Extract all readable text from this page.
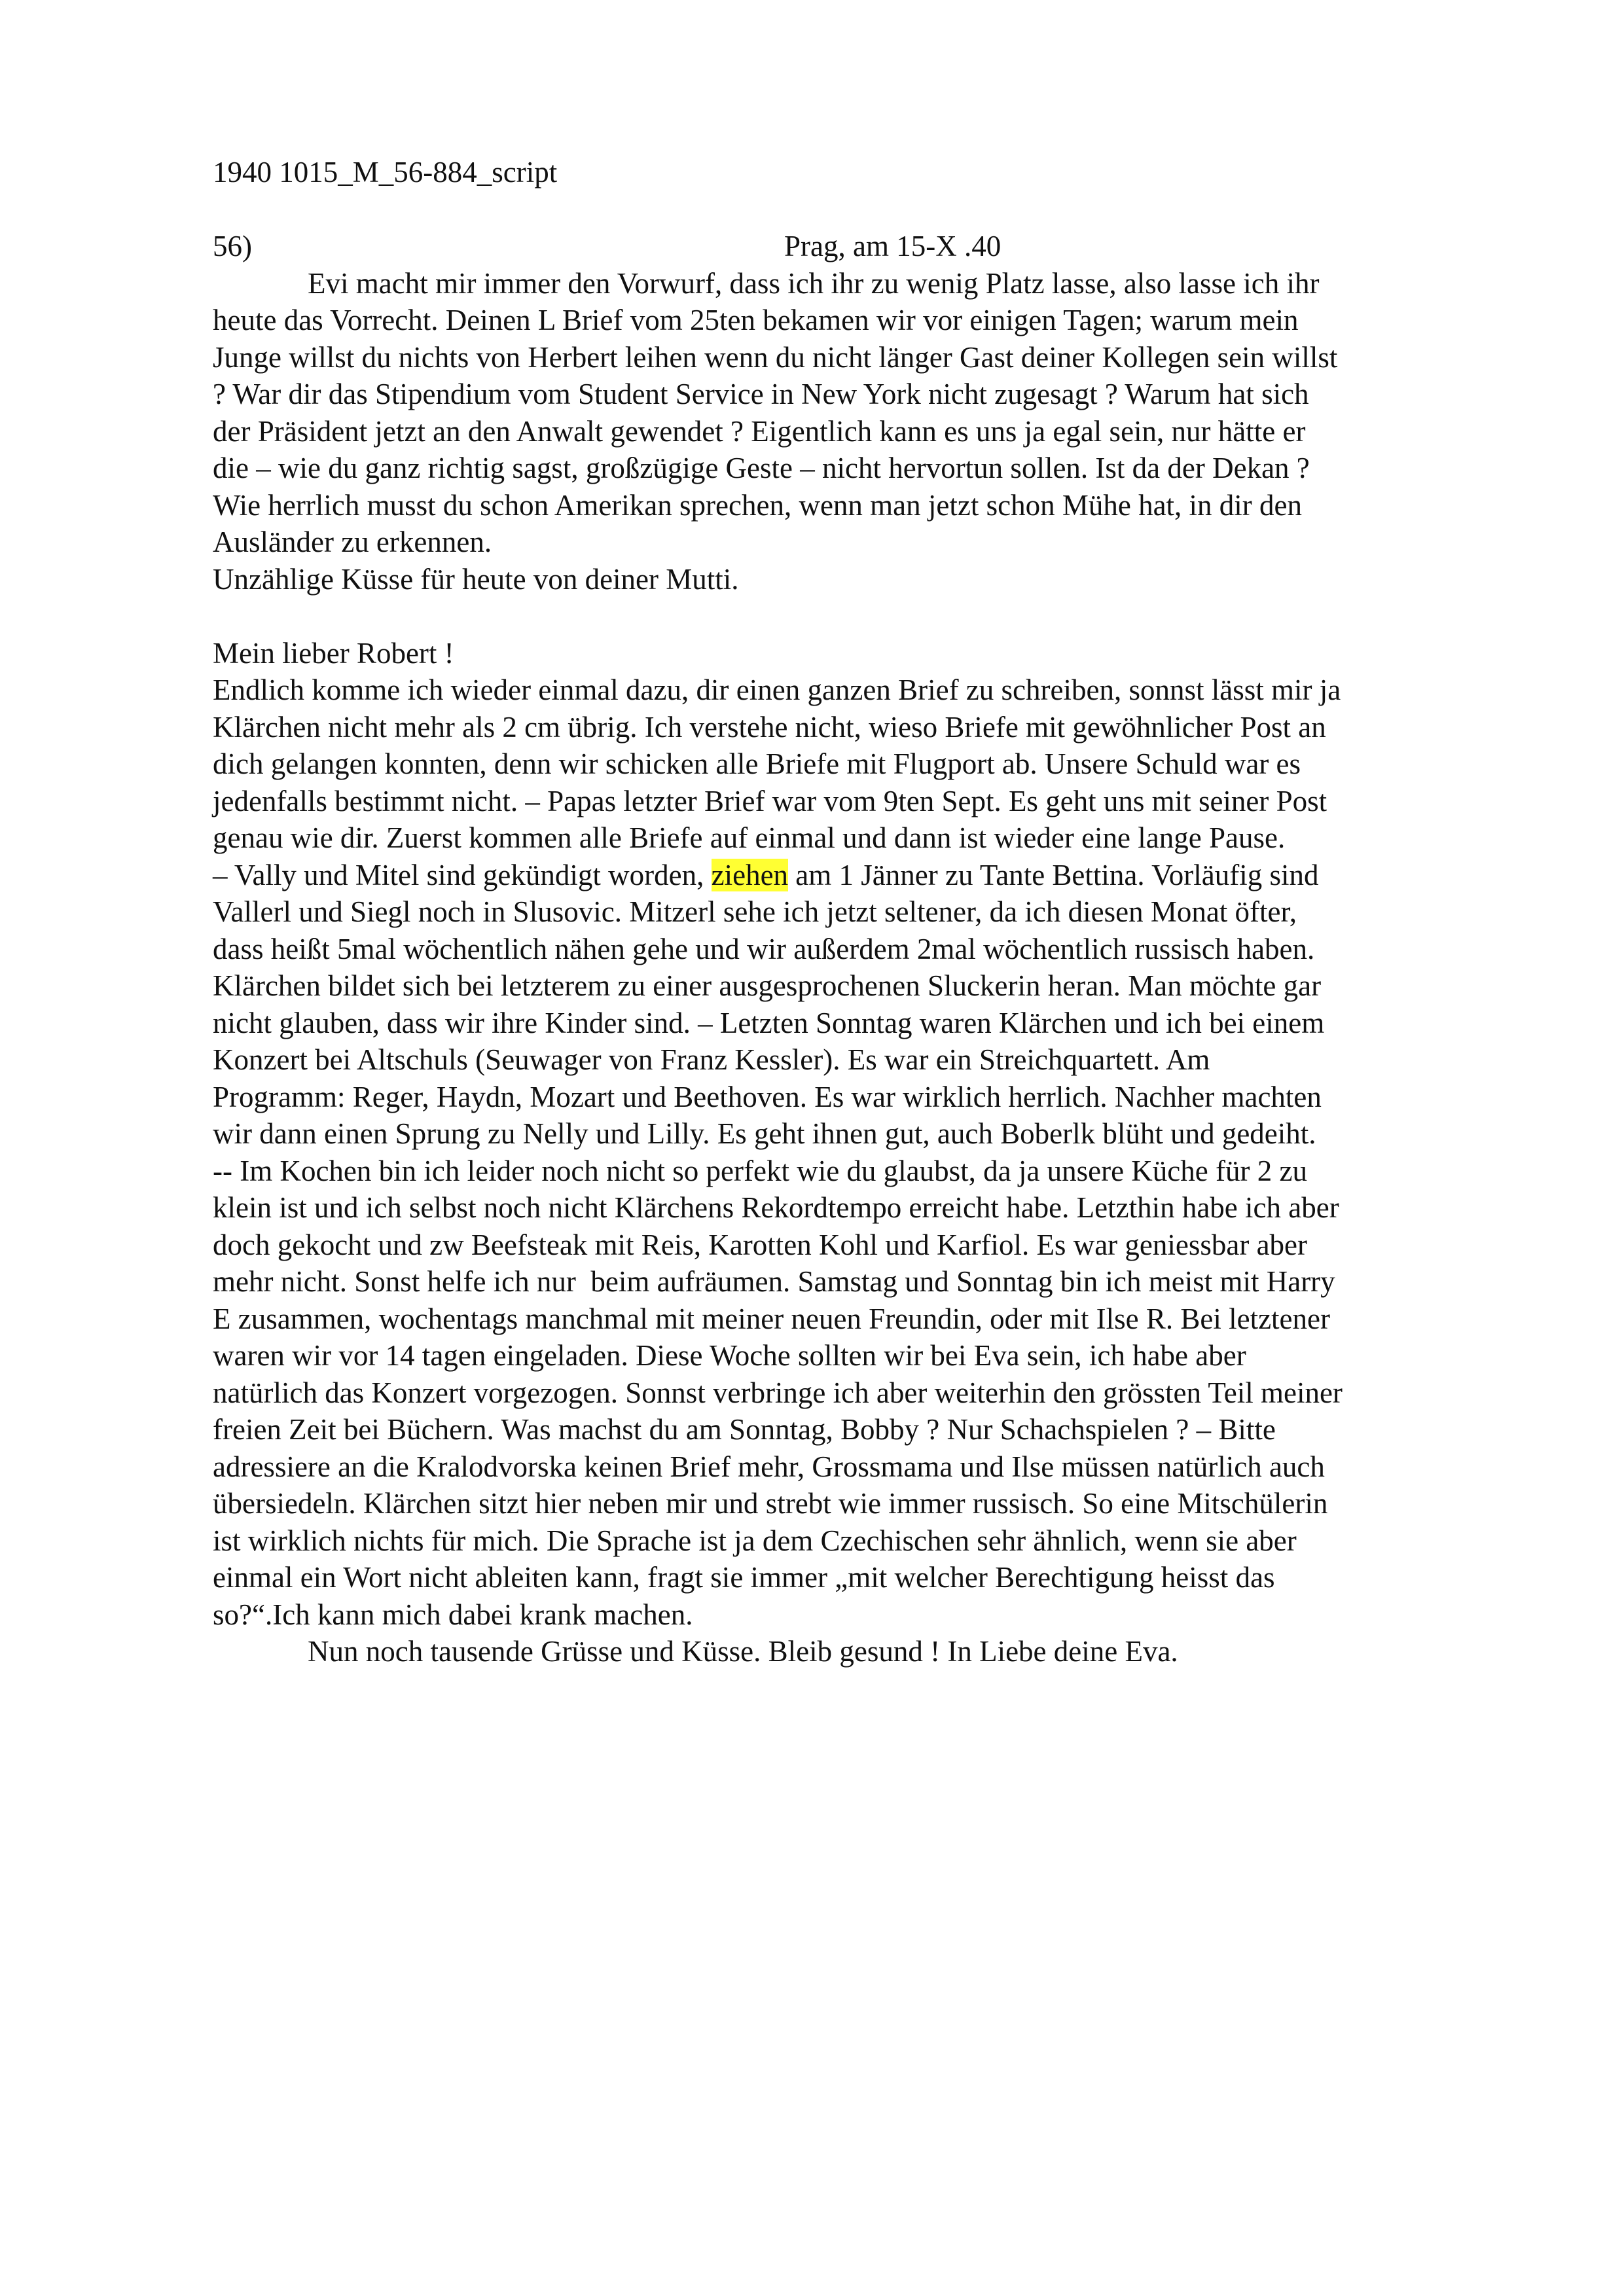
1940 1015_M_56-884_script
56)	Prag, am 15-X .40
Evi macht mir immer den Vorwurf, dass ich ihr zu wenig Platz lasse, also lasse ich ihr
heute das Vorrecht. Deinen L Brief vom 25ten bekamen wir vor einigen Tagen; warum mein
Junge willst du nichts von Herbert leihen wenn du nicht länger Gast deiner Kollegen sein willst
? War dir das Stipendium vom Student Service in New York nicht zugesagt ? Warum hat sich
der Präsident jetzt an den Anwalt gewendet ? Eigentlich kann es uns ja egal sein, nur hätte er
die – wie du ganz richtig sagst, großzügige Geste – nicht hervortun sollen. Ist da der Dekan ?
Wie herrlich musst du schon Amerikan sprechen, wenn man jetzt schon Mühe hat, in dir den
Ausländer zu erkennen.
Unzählige Küsse für heute von deiner Mutti.
Mein lieber Robert !
Endlich komme ich wieder einmal dazu, dir einen ganzen Brief zu schreiben, sonnst lässt mir ja
Klärchen nicht mehr als 2 cm übrig. Ich verstehe nicht, wieso Briefe mit gewöhnlicher Post an
dich gelangen konnten, denn wir schicken alle Briefe mit Flugport ab. Unsere Schuld war es
jedenfalls bestimmt nicht. – Papas letzter Brief war vom 9ten Sept. Es geht uns mit seiner Post
genau wie dir. Zuerst kommen alle Briefe auf einmal und dann ist wieder eine lange Pause.
– Vally und Mitel sind gekündigt worden, ziehen am 1 Jänner zu Tante Bettina. Vorläufig sind
Vallerl und Siegl noch in Slusovic. Mitzerl sehe ich jetzt seltener, da ich diesen Monat öfter,
dass heißt 5mal wöchentlich nähen gehe und wir außerdem 2mal wöchentlich russisch haben.
Klärchen bildet sich bei letzterem zu einer ausgesprochenen Sluckerin heran. Man möchte gar
nicht glauben, dass wir ihre Kinder sind. – Letzten Sonntag waren Klärchen und ich bei einem
Konzert bei Altschuls (Seuwager von Franz Kessler). Es war ein Streichquartett. Am
Programm: Reger, Haydn, Mozart und Beethoven. Es war wirklich herrlich. Nachher machten
wir dann einen Sprung zu Nelly und Lilly. Es geht ihnen gut, auch Boberlk blüht und gedeiht.
-- Im Kochen bin ich leider noch nicht so perfekt wie du glaubst, da ja unsere Küche für 2 zu
klein ist und ich selbst noch nicht Klärchens Rekordtempo erreicht habe. Letzthin habe ich aber
doch gekocht und zw Beefsteak mit Reis, Karotten Kohl und Karfiol. Es war geniessbar aber
mehr nicht. Sonst helfe ich nur  beim aufräumen. Samstag und Sonntag bin ich meist mit Harry
E zusammen, wochentags manchmal mit meiner neuen Freundin, oder mit Ilse R. Bei letztener
waren wir vor 14 tagen eingeladen. Diese Woche sollten wir bei Eva sein, ich habe aber
natürlich das Konzert vorgezogen. Sonnst verbringe ich aber weiterhin den grössten Teil meiner
freien Zeit bei Büchern. Was machst du am Sonntag, Bobby ? Nur Schachspielen ? – Bitte
adressiere an die Kralodvorska keinen Brief mehr, Grossmama und Ilse müssen natürlich auch
übersiedeln. Klärchen sitzt hier neben mir und strebt wie immer russisch. So eine Mitschülerin
ist wirklich nichts für mich. Die Sprache ist ja dem Czechischen sehr ähnlich, wenn sie aber
einmal ein Wort nicht ableiten kann, fragt sie immer „mit welcher Berechtigung heisst das
so?“.Ich kann mich dabei krank machen.
Nun noch tausende Grüsse und Küsse. Bleib gesund ! In Liebe deine Eva.
